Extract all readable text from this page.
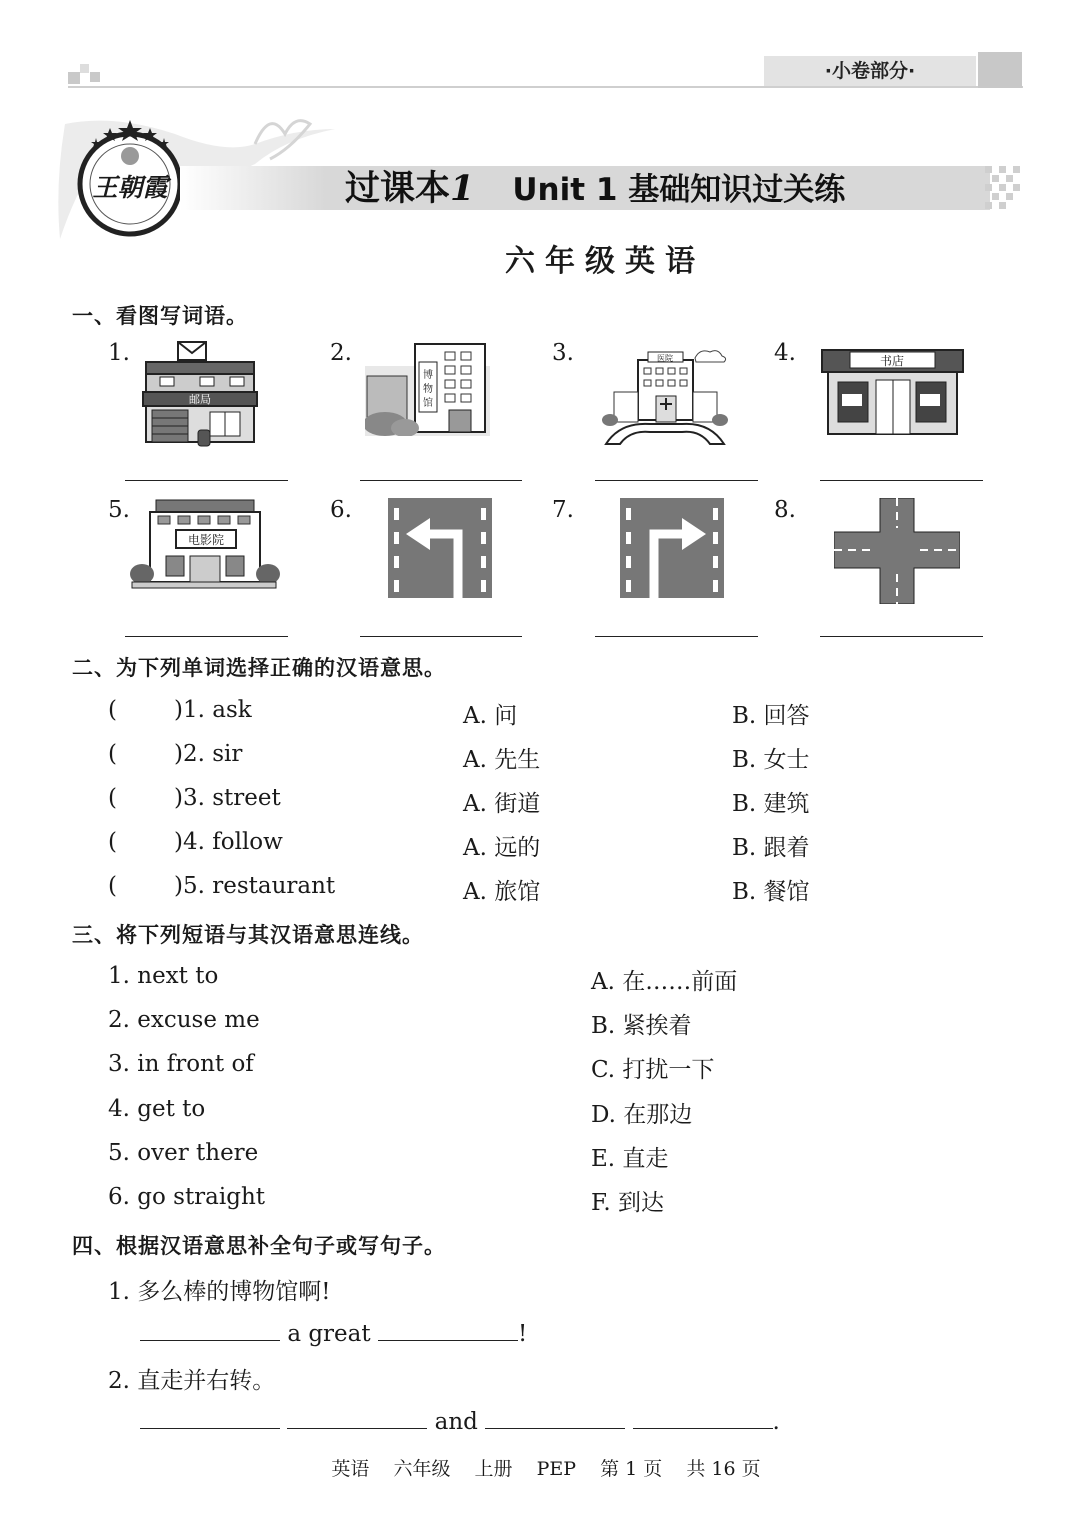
·小卷部分·
王朝霞	过课本1 Unit 1 基础知识过关练
六年级英语
一、看图写词语。
1.	2.	3.	4.
5.	6.	7.	8.
邮局
博
物
馆
医院	书店
电影院
二、为下列单词选择正确的汉语意思。
( )1. ask	A. 问	B. 回答
( )2. sir	A. 先生	B. 女士
( )3. street	A. 街道	B. 建筑
( )4. follow	A. 远的	B. 跟着
( )5. restaurant	A. 旅馆	B. 餐馆
三、将下列短语与其汉语意思连线。
1. next to
2. excuse me
3. in front of
4. get to
5. over there
6. go straight
A. 在……前面
B. 紧挨着
C. 打扰一下
D. 在那边
E. 直走
F. 到达
四、根据汉语意思补全句子或写句子。
1. 多么棒的博物馆啊!
a great	!
2. 直走并右转。
and	.
英语 六年级 上册 PEP 第 1 页 共 16 页
